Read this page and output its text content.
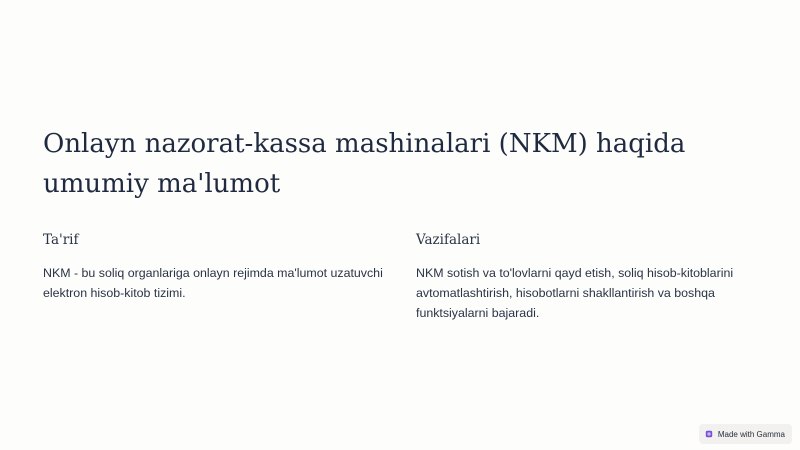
Onlayn nazorat-kassa mashinalari (NKM) haqida umumiy ma'lumot
Ta'rif

NKM - bu soliq organlariga onlayn rejimda ma'lumot uzatuvchi elektron hisob-kitob tizimi.

Vazifalari

NKM sotish va to'lovlarni qayd etish, soliq hisob-kitoblarini avtomatlashtirish, hisobotlarni shakllantirish va boshqa funktsiyalarni bajaradi.

Made with Gamma
